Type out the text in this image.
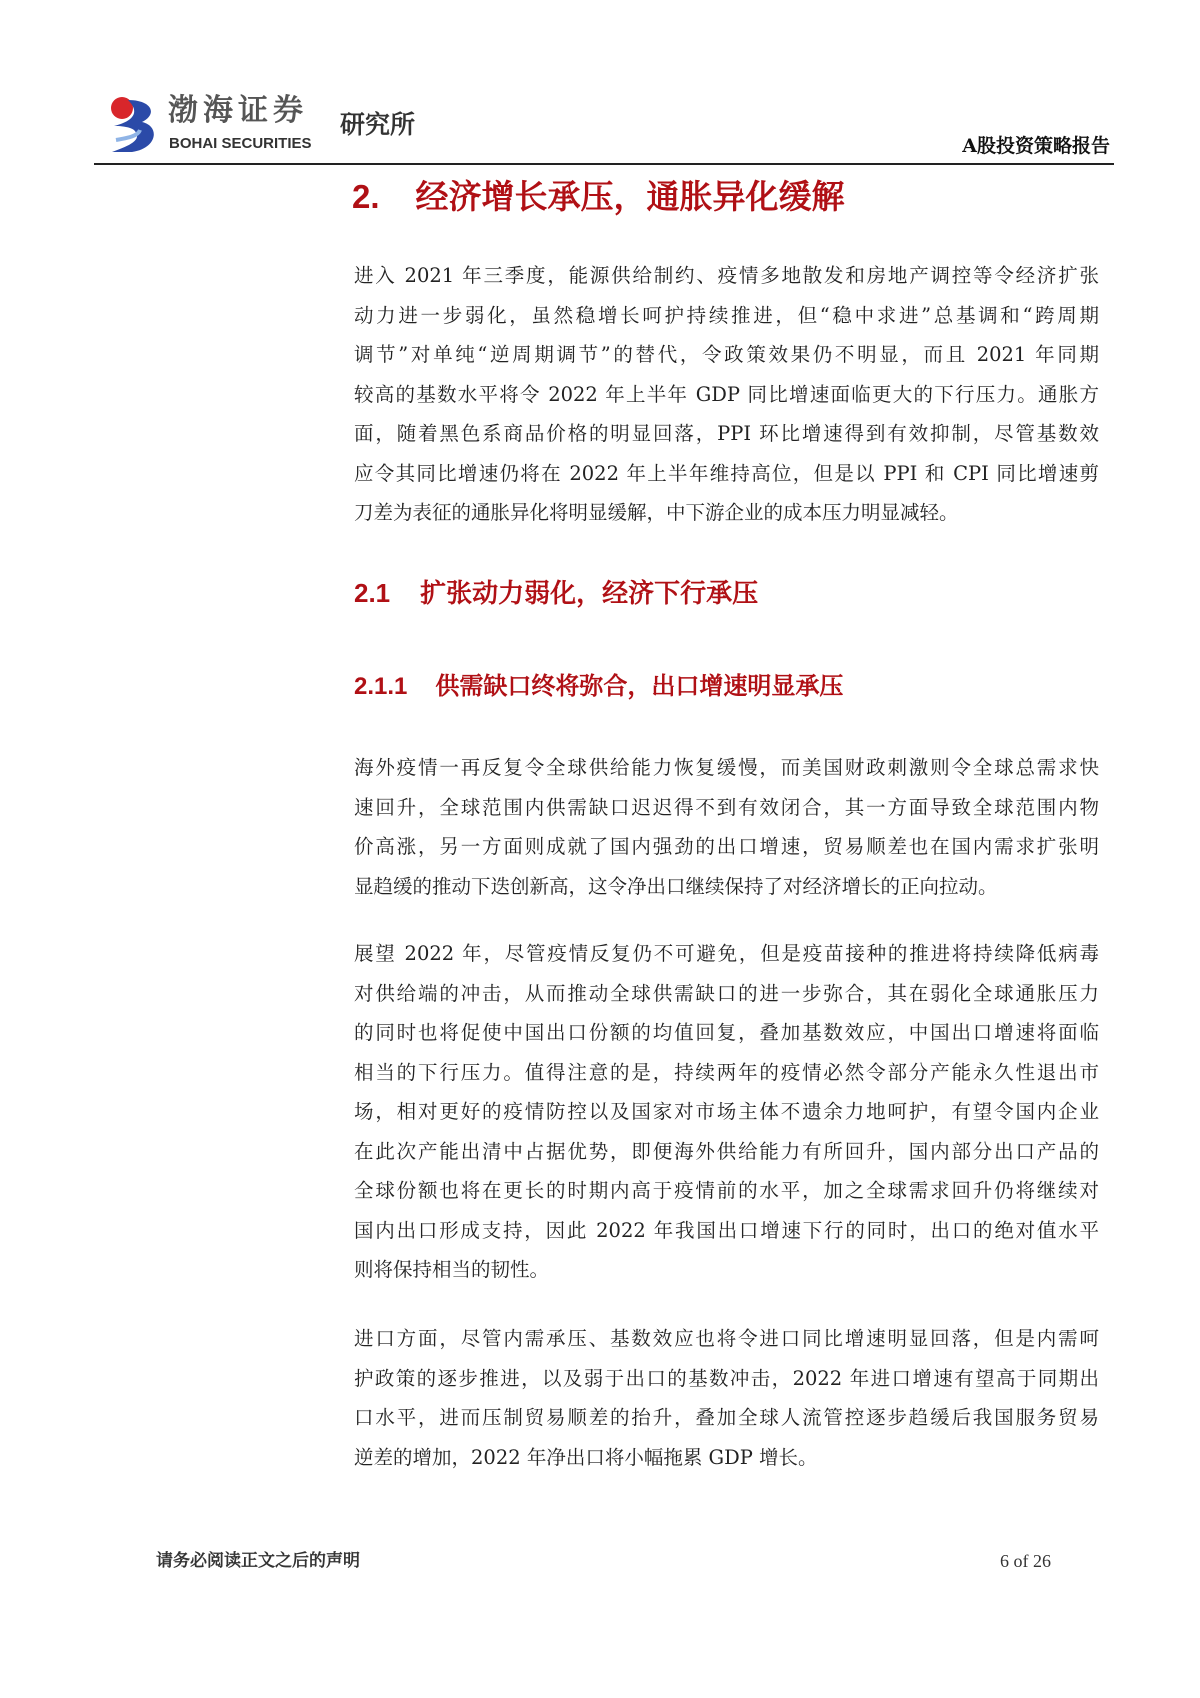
渤海证券
BOHAI SECURITIES
研究所
A股投资策略报告
2. 经济增长承压，通胀异化缓解
进入 2021 年三季度，能源供给制约、疫情多地散发和房地产调控等令经济扩张
动力进一步弱化，虽然稳增长呵护持续推进，但“稳中求进”总基调和“跨周期
调节”对单纯“逆周期调节”的替代，令政策效果仍不明显，而且 2021 年同期
较高的基数水平将令 2022 年上半年 GDP 同比增速面临更大的下行压力。通胀方
面，随着黑色系商品价格的明显回落，PPI 环比增速得到有效抑制，尽管基数效
应令其同比增速仍将在 2022 年上半年维持高位，但是以 PPI 和 CPI 同比增速剪
刀差为表征的通胀异化将明显缓解，中下游企业的成本压力明显减轻。
2.1 扩张动力弱化，经济下行承压
2.1.1 供需缺口终将弥合，出口增速明显承压
海外疫情一再反复令全球供给能力恢复缓慢，而美国财政刺激则令全球总需求快
速回升，全球范围内供需缺口迟迟得不到有效闭合，其一方面导致全球范围内物
价高涨，另一方面则成就了国内强劲的出口增速，贸易顺差也在国内需求扩张明
显趋缓的推动下迭创新高，这令净出口继续保持了对经济增长的正向拉动。
展望 2022 年，尽管疫情反复仍不可避免，但是疫苗接种的推进将持续降低病毒
对供给端的冲击，从而推动全球供需缺口的进一步弥合，其在弱化全球通胀压力
的同时也将促使中国出口份额的均值回复，叠加基数效应，中国出口增速将面临
相当的下行压力。值得注意的是，持续两年的疫情必然令部分产能永久性退出市
场，相对更好的疫情防控以及国家对市场主体不遗余力地呵护，有望令国内企业
在此次产能出清中占据优势，即便海外供给能力有所回升，国内部分出口产品的
全球份额也将在更长的时期内高于疫情前的水平，加之全球需求回升仍将继续对
国内出口形成支持，因此 2022 年我国出口增速下行的同时，出口的绝对值水平
则将保持相当的韧性。
进口方面，尽管内需承压、基数效应也将令进口同比增速明显回落，但是内需呵
护政策的逐步推进，以及弱于出口的基数冲击，2022 年进口增速有望高于同期出
口水平，进而压制贸易顺差的抬升，叠加全球人流管控逐步趋缓后我国服务贸易
逆差的增加，2022 年净出口将小幅拖累 GDP 增长。
请务必阅读正文之后的声明	6 of 26
